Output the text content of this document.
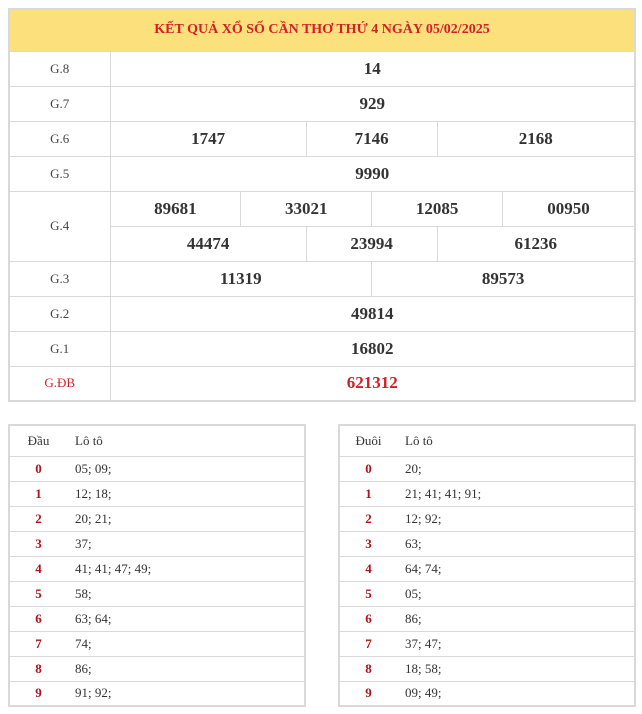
KẾT QUẢ XỔ SỐ CẦN THƠ THỨ 4 NGÀY 05/02/2025						
G.8	14					
G.7	929					
G.6	1747		7146		2168	
G.5	9990					
G.4	89681	33021		12085		00950
	44474		23994		61236	
G.3	11319			89573		
G.2	49814					
G.1	16802					
G.ĐB	621312					
Đầu	Lô tô
0	05; 09;
1	12; 18;
2	20; 21;
3	37;
4	41; 41; 47; 49;
5	58;
6	63; 64;
7	74;
8	86;
9	91; 92;
Đuôi	Lô tô
0	20;
1	21; 41; 41; 91;
2	12; 92;
3	63;
4	64; 74;
5	05;
6	86;
7	37; 47;
8	18; 58;
9	09; 49;
